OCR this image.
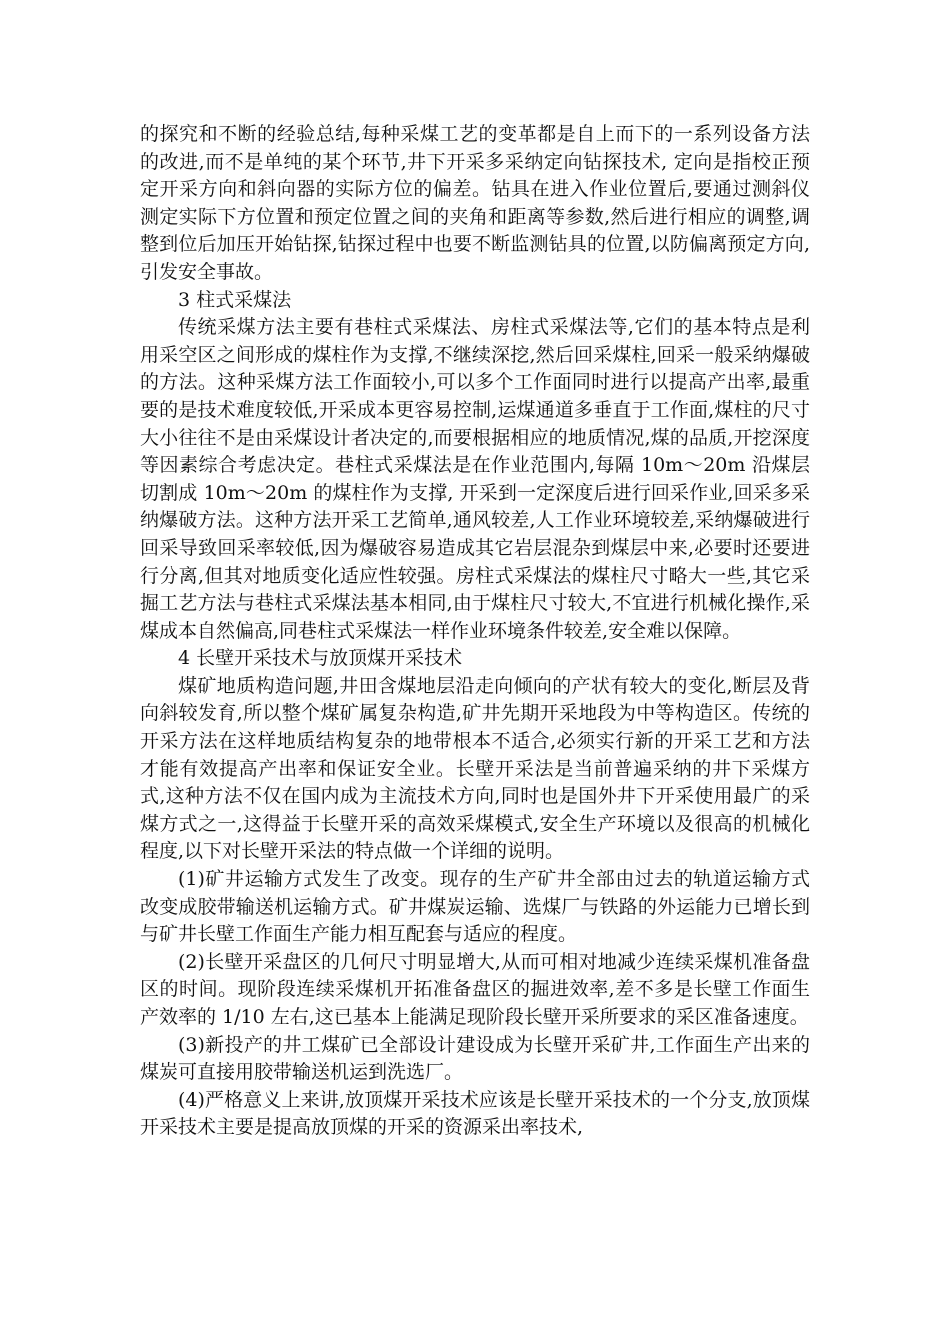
的探究和不断的经验总结,每种采煤工艺的变革都是自上而下的一系列设备方法的改进,而不是单纯的某个环节,井下开采多采纳定向钻探技术, 定向是指校正预定开采方向和斜向器的实际方位的偏差。钻具在进入作业位置后,要通过测斜仪测定实际下方位置和预定位置之间的夹角和距离等参数,然后进行相应的调整,调整到位后加压开始钻探,钻探过程中也要不断监测钻具的位置,以防偏离预定方向,引发安全事故。

3 柱式采煤法

传统采煤方法主要有巷柱式采煤法、房柱式采煤法等,它们的基本特点是利用采空区之间形成的煤柱作为支撑,不继续深挖,然后回采煤柱,回采一般采纳爆破的方法。这种采煤方法工作面较小,可以多个工作面同时进行以提高产出率,最重要的是技术难度较低,开采成本更容易控制,运煤通道多垂直于工作面,煤柱的尺寸大小往往不是由采煤设计者决定的,而要根据相应的地质情况,煤的品质,开挖深度等因素综合考虑决定。巷柱式采煤法是在作业范围内,每隔 10m～20m 沿煤层切割成 10m～20m 的煤柱作为支撑, 开采到一定深度后进行回采作业,回采多采纳爆破方法。这种方法开采工艺简单,通风较差,人工作业环境较差,采纳爆破进行回采导致回采率较低,因为爆破容易造成其它岩层混杂到煤层中来,必要时还要进行分离,但其对地质变化适应性较强。房柱式采煤法的煤柱尺寸略大一些,其它采掘工艺方法与巷柱式采煤法基本相同,由于煤柱尺寸较大,不宜进行机械化操作,采煤成本自然偏高,同巷柱式采煤法一样作业环境条件较差,安全难以保障。

4 长壁开采技术与放顶煤开采技术

煤矿地质构造问题,井田含煤地层沿走向倾向的产状有较大的变化,断层及背向斜较发育,所以整个煤矿属复杂构造,矿井先期开采地段为中等构造区。传统的开采方法在这样地质结构复杂的地带根本不适合,必须实行新的开采工艺和方法才能有效提高产出率和保证安全业。长壁开采法是当前普遍采纳的井下采煤方式,这种方法不仅在国内成为主流技术方向,同时也是国外井下开采使用最广的采煤方式之一,这得益于长壁开采的高效采煤模式,安全生产环境以及很高的机械化程度,以下对长壁开采法的特点做一个详细的说明。

(1)矿井运输方式发生了改变。现存的生产矿井全部由过去的轨道运输方式改变成胶带输送机运输方式。矿井煤炭运输、选煤厂与铁路的外运能力已增长到与矿井长壁工作面生产能力相互配套与适应的程度。

(2)长壁开采盘区的几何尺寸明显增大,从而可相对地减少连续采煤机准备盘区的时间。现阶段连续采煤机开拓准备盘区的掘进效率,差不多是长壁工作面生产效率的 1/10 左右,这已基本上能满足现阶段长壁开采所要求的采区准备速度。

(3)新投产的井工煤矿已全部设计建设成为长壁开采矿井,工作面生产出来的煤炭可直接用胶带输送机运到洗选厂。

(4)严格意义上来讲,放顶煤开采技术应该是长壁开采技术的一个分支,放顶煤开采技术主要是提高放顶煤的开采的资源采出率技术,
